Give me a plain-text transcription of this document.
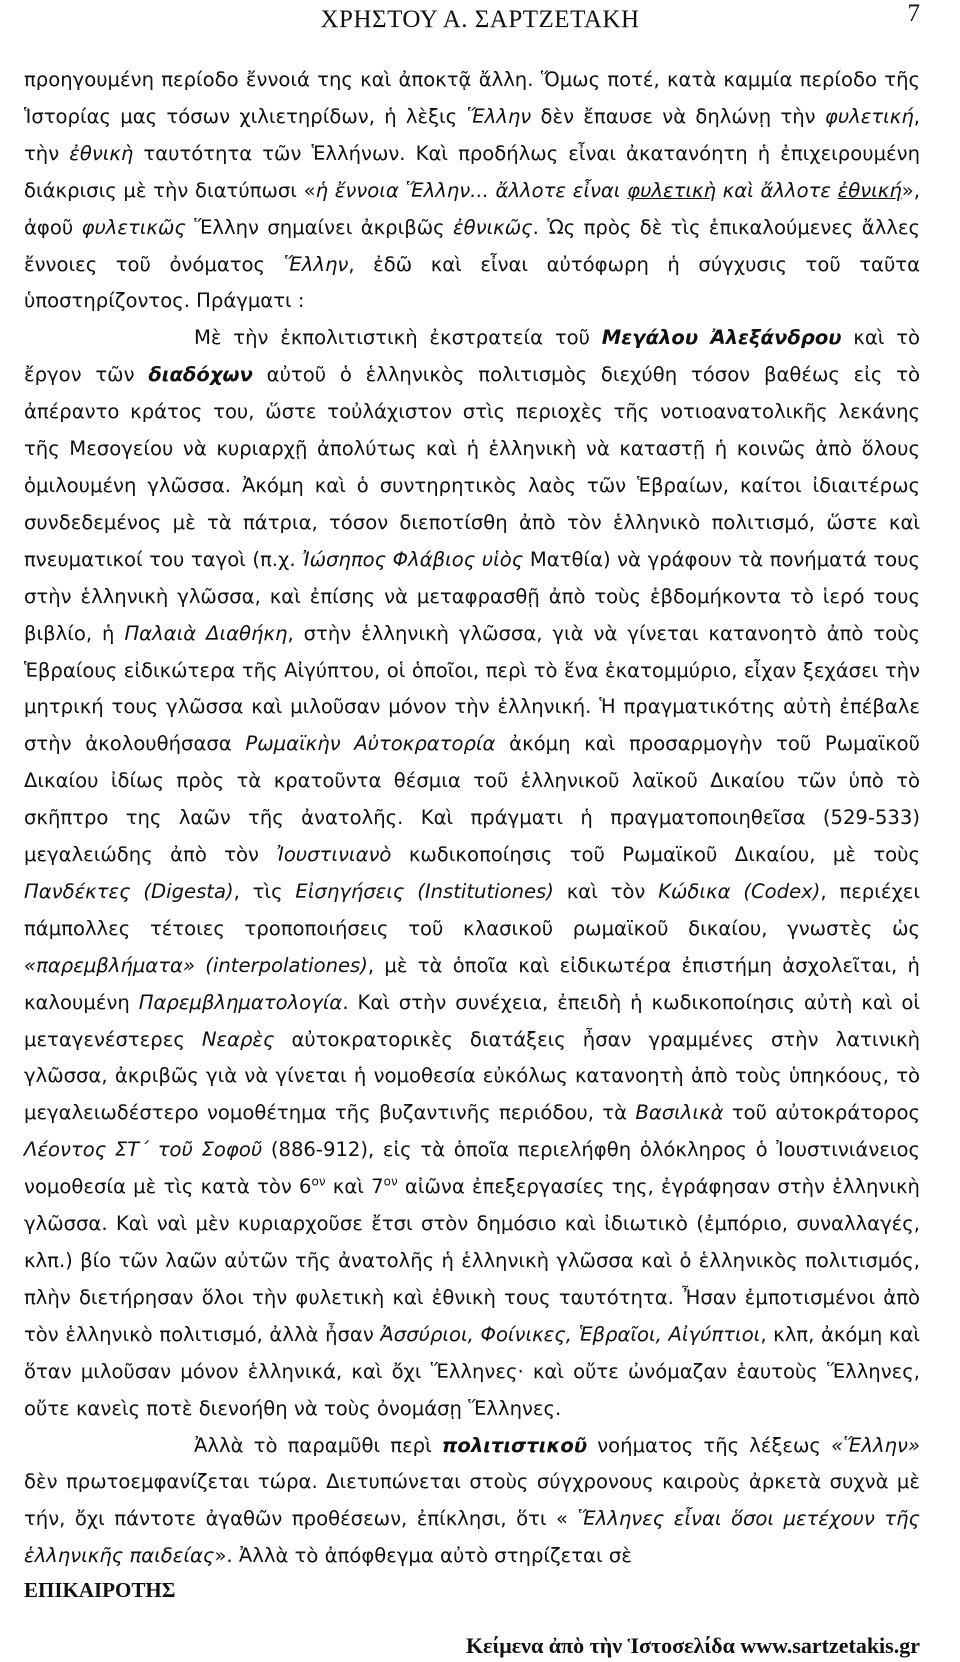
ΧΡΗΣΤΟΥ Α. ΣΑΡΤΖΕΤΑΚΗ	7

προηγουμένη περίοδο ἔννοιά της καὶ ἀποκτᾷ ἄλλη. Ὅμως ποτέ, κατὰ καμμία περίοδο τῆς Ἱστορίας μας τόσων χιλιετηρίδων, ἡ λὲξις Ἕλλην δὲν ἔπαυσε νὰ δηλώνῃ τὴν φυλετική, τὴν ἐθνικὴ ταυτότητα τῶν Ἑλλήνων. Καὶ προδήλως εἶναι ἀκατανόητη ἡ ἐπιχειρουμένη διάκρισις μὲ τὴν διατύπωσι «ἡ ἔννοια Ἕλλην... ἄλλοτε εἶναι φυλετικὴ καὶ ἄλλοτε ἐθνική», ἀφοῦ φυλετικῶς Ἕλλην σημαίνει ἀκριβῶς ἐθνικῶς. Ὡς πρὸς δὲ τὶς ἐπικαλούμενες ἄλλες ἔννοιες τοῦ ὀνόματος Ἕλλην, ἐδῶ καὶ εἶναι αὐτόφωρη ἡ σύγχυσις τοῦ ταῦτα ὑποστηρίζοντος. Πράγματι :

Μὲ τὴν ἐκπολιτιστικὴ ἐκστρατεία τοῦ Μεγάλου Ἀλεξάνδρου καὶ τὸ ἔργον τῶν διαδόχων αὐτοῦ ὁ ἑλληνικὸς πολιτισμὸς διεχύθη τόσον βαθέως εἰς τὸ ἀπέραντο κράτος του, ὥστε τοὐλάχιστον στὶς περιοχὲς τῆς νοτιοανατολικῆς λεκάνης τῆς Μεσογείου νὰ κυριαρχῇ ἀπολύτως καὶ ἡ ἑλληνικὴ νὰ καταστῇ ἡ κοινῶς ἀπὸ ὅλους ὁμιλουμένη γλῶσσα. Ἀκόμη καὶ ὁ συντηρητικὸς λαὸς τῶν Ἑβραίων, καίτοι ἰδιαιτέρως συνδεδεμένος μὲ τὰ πάτρια, τόσον διεποτίσθη ἀπὸ τὸν ἑλληνικὸ πολιτισμό, ὥστε καὶ πνευματικοί του ταγοὶ (π.χ. Ἰώσηπος Φλάβιος υἱὸς Ματθία) νὰ γράφουν τὰ πονήματά τους στὴν ἑλληνικὴ γλῶσσα, καὶ ἐπίσης νὰ μεταφρασθῇ ἀπὸ τοὺς ἑβδομήκοντα τὸ ἱερό τους βιβλίο, ἡ Παλαιὰ Διαθήκη, στὴν ἑλληνικὴ γλῶσσα, γιὰ νὰ γίνεται κατανοητὸ ἀπὸ τοὺς Ἑβραίους εἰδικώτερα τῆς Αἰγύπτου, οἱ ὁποῖοι, περὶ τὸ ἕνα ἑκατομμύριο, εἶχαν ξεχάσει τὴν μητρική τους γλῶσσα καὶ μιλοῦσαν μόνον τὴν ἑλληνική. Ἡ πραγματικότης αὐτὴ ἐπέβαλε στὴν ἀκολουθήσασα Ρωμαϊκὴν Αὐτοκρατορία ἀκόμη καὶ προσαρμογὴν τοῦ Ρωμαϊκοῦ Δικαίου ἰδίως πρὸς τὰ κρατοῦντα θέσμια τοῦ ἑλληνικοῦ λαϊκοῦ Δικαίου τῶν ὑπὸ τὸ σκῆπτρο της λαῶν τῆς ἀνατολῆς. Καὶ πράγματι ἡ πραγματοποιηθεῖσα (529-533) μεγαλειώδης ἀπὸ τὸν Ἰουστινιανὸ κωδικοποίησις τοῦ Ρωμαϊκοῦ Δικαίου, μὲ τοὺς Πανδέκτες (Digesta), τὶς Εἰσηγήσεις (Institutiones) καὶ τὸν Κώδικα (Codex), περιέχει πάμπολλες τέτοιες τροποποιήσεις τοῦ κλασικοῦ ρωμαϊκοῦ δικαίου, γνωστὲς ὡς «παρεμβλήματα» (interpolationes), μὲ τὰ ὁποῖα καὶ εἰδικωτέρα ἐπιστήμη ἀσχολεῖται, ἡ καλουμένη Παρεμβληματολογία. Καὶ στὴν συνέχεια, ἐπειδὴ ἡ κωδικοποίησις αὐτὴ καὶ οἱ μεταγενέστερες Νεαρὲς αὐτοκρατορικὲς διατάξεις ἦσαν γραμμένες στὴν λατινικὴ γλῶσσα, ἀκριβῶς γιὰ νὰ γίνεται ἡ νομοθεσία εὐκόλως κατανοητὴ ἀπὸ τοὺς ὑπηκόους, τὸ μεγαλειωδέστερο νομοθέτημα τῆς βυζαντινῆς περιόδου, τὰ Βασιλικὰ τοῦ αὐτοκράτορος Λέοντος ΣΤ΄ τοῦ Σοφοῦ (886-912), εἰς τὰ ὁποῖα περιελήφθη ὁλόκληρος ὁ Ἰουστινιάνειος νομοθεσία μὲ τὶς κατὰ τὸν $6^{o\nu}$ καὶ $7^{o\nu}$ αἰῶνα ἐπεξεργασίες της, ἐγράφησαν στὴν ἑλληνικὴ γλῶσσα. Καὶ ναὶ μὲν κυριαρχοῦσε ἔτσι στὸν δημόσιο καὶ ἰδιωτικὸ (ἐμπόριο, συναλλαγές, κλπ.) βίο τῶν λαῶν αὐτῶν τῆς ἀνατολῆς ἡ ἑλληνικὴ γλῶσσα καὶ ὁ ἑλληνικὸς πολιτισμός, πλὴν διετήρησαν ὅλοι τὴν φυλετικὴ καὶ ἐθνικὴ τους ταυτότητα. Ἦσαν ἐμποτισμένοι ἀπὸ τὸν ἑλληνικὸ πολιτισμό, ἀλλὰ ἦσαν Ἀσσύριοι, Φοίνικες, Ἑβραῖοι, Αἰγύπτιοι, κλπ, ἀκόμη καὶ ὅταν μιλοῦσαν μόνον ἑλληνικά, καὶ ὄχι Ἕλληνες· καὶ οὔτε ὠνόμαζαν ἑαυτοὺς Ἕλληνες, οὔτε κανεὶς ποτὲ διενοήθη νὰ τοὺς ὀνομάσῃ Ἕλληνες.

Ἀλλὰ τὸ παραμῦθι περὶ πολιτιστικοῦ νοήματος τῆς λέξεως «Ἕλλην» δὲν πρωτοεμφανίζεται τώρα. Διετυπώνεται στοὺς σύγχρονους καιροὺς ἀρκετὰ συχνὰ μὲ τήν, ὄχι πάντοτε ἀγαθῶν προθέσεων, ἐπίκλησι, ὅτι « Ἕλληνες εἶναι ὅσοι μετέχουν τῆς ἑλληνικῆς παιδείας». Ἀλλὰ τὸ ἀπόφθεγμα αὐτὸ στηρίζεται σὲ

ΕΠΙΚΑΙΡΟΤΗΣ
Κείμενα ἀπὸ τὴν Ἱστοσελίδα www.sartzetakis.gr
